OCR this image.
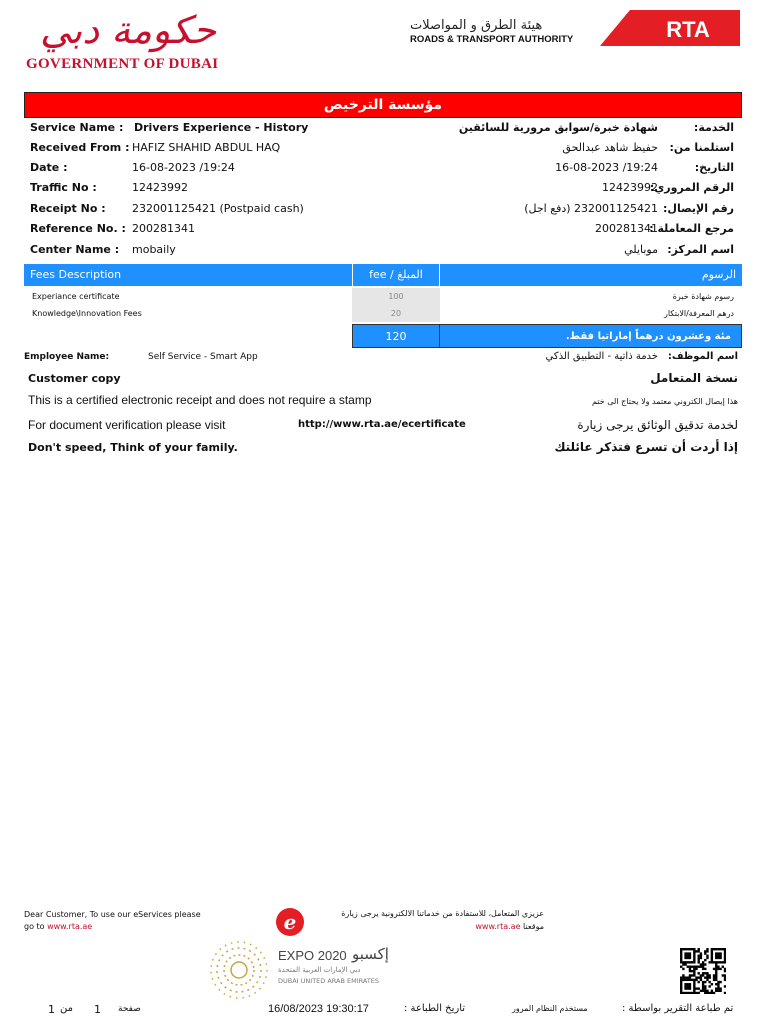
حكومة دبي
GOVERNMENT OF DUBAI
هيئة الطرق و المواصلات
ROADS & TRANSPORT AUTHORITY	RTA
مؤسسة الترخيص
Service Name : Drivers Experience - History	الخدمة:
شهادة خبرة/سوابق مرورية للسائقين
Received From : HAFIZ SHAHID ABDUL HAQ	استلمنا من:
حفيظ شاهد عبدالحق
Date :	16-08-2023 /19:24	التاريخ:
19:24/ 16-08-2023
Traffic No :	12423992	الرقم المروري:
12423992
Receipt No : 232001125421 (Postpaid cash)	رقم الإيصال:
232001125421 (دفع اجل)
Reference No. : 200281341	مرجع المعاملة :
200281341
Center Name : mobaily	اسم المركز:
موبايلي
Fees Description	fee / المبلغ	الرسوم
Experiance certificate	100	رسوم شهادة خبرة
Knowledge\Innovation Fees	20	درهم المعرفة/الابتكار
120	مئة وعشرون درهماً إماراتيا فقط.
Employee Name:	Self Service - Smart App	اسم الموظف:
خدمة ذاتية - التطبيق الذكي
Customer copy	نسخة المتعامل
This is a certified electronic receipt and does not require a stamp	هذا إيصال الكتروني معتمد ولا يحتاج الى ختم
For document verification please visit	http://www.rta.ae/ecertificate	لخدمة تدقيق الوثائق يرجى زيارة
Don't speed, Think of your family.	إذا أردت أن تسرع فتذكر عائلتك
Dear Customer, To use our eServices please
go to www.rta.ae	e	عزيزي المتعامل، للاستفادة من خدماتنا الالكترونية يرجى زيارة
موقعنا www.rta.ae
EXPO 2020 إكسبو
دبي الإمارات العربية المتحدة
DUBAI UNITED ARAB EMIRATES
1 من 1 صفحة	16/08/2023 19:30:17	تاريخ الطباعة :	مستخدم النظام المرور	تم طباعة التقرير بواسطة :
